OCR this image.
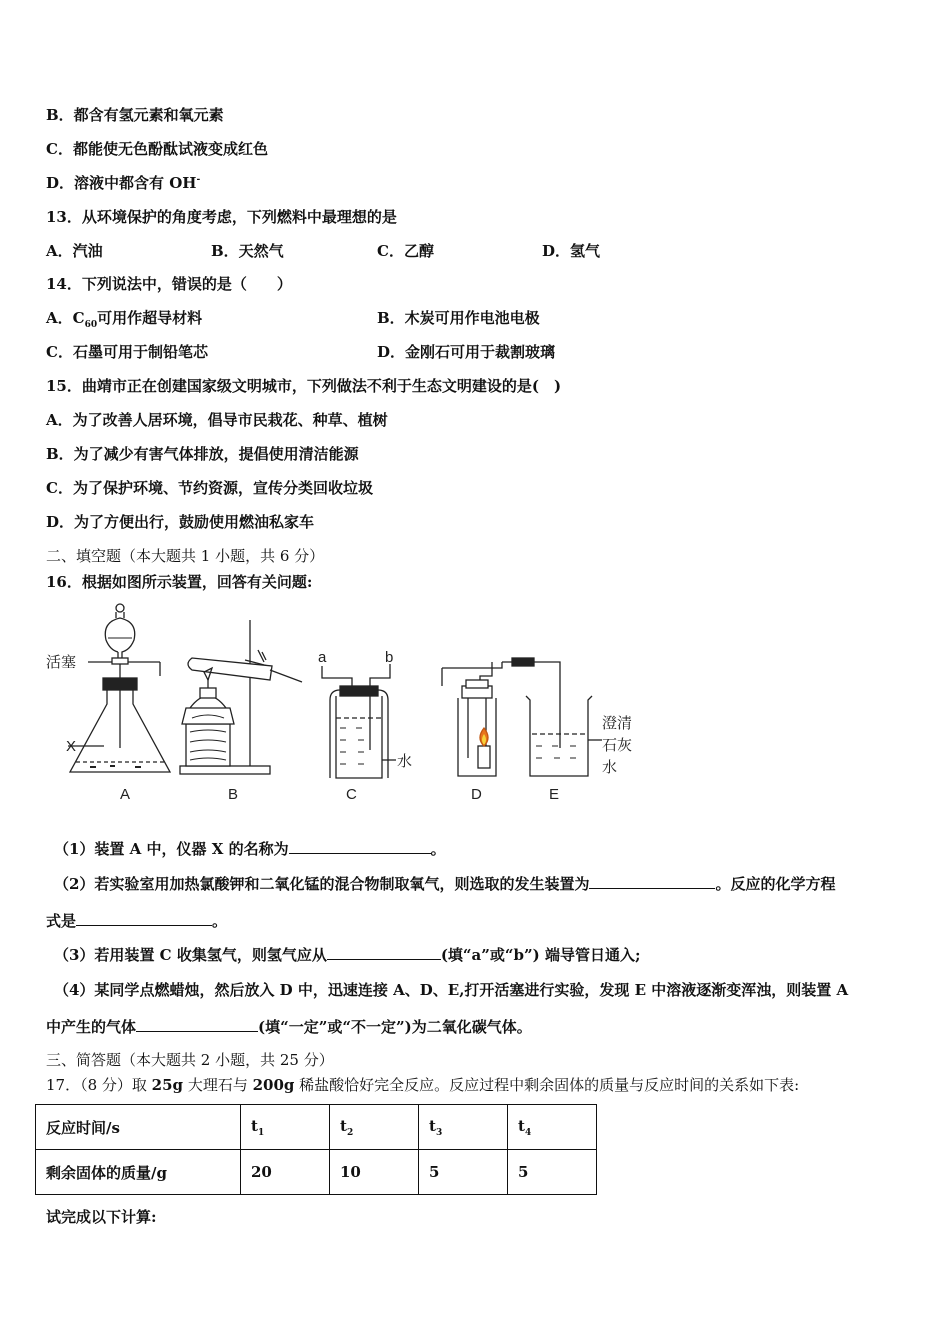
B．都含有氢元素和氧元素
C．都能使无色酚酞试液变成红色
D．溶液中都含有 OH-
13．从环境保护的角度考虑，下列燃料中最理想的是
A．汽油	B．天然气	C．乙醇	D．氢气
14．下列说法中，错误的是（　　）
A．$C_{60}$可用作超导材料	B．木炭可用作电池电极
C．石墨可用于制铅笔芯	D．金刚石可用于裁割玻璃
15．曲靖市正在创建国家级文明城市，下列做法不利于生态文明建设的是(　)
A．为了改善人居环境，倡导市民栽花、种草、植树
B．为了减少有害气体排放，提倡使用清洁能源
C．为了保护环境、节约资源，宣传分类回收垃圾
D．为了方便出行，鼓励使用燃油私家车
二、填空题（本大题共 1 小题，共 6 分）
16．根据如图所示装置，回答有关问题:
活塞
X
a	b
水
澄清
石灰
水
A	B	C	D	E
（1）装置 A 中，仪器 X 的名称为	。
（2）若实验室用加热氯酸钾和二氧化锰的混合物制取氧气，则选取的发生装置为	。反应的化学方程
式是	。
（3）若用装置 C 收集氢气，则氢气应从	(填“a”或“b”) 端导管日通入;
（4）某同学点燃蜡烛，然后放入 D 中，迅速连接 A、D、E,打开活塞进行实验，发现 E 中溶液逐渐变浑浊，则装置 A
中产生的气体	(填“一定”或“不一定”)为二氧化碳气体。
三、简答题（本大题共 2 小题，共 25 分）
17．（8 分）取 25g 大理石与 200g 稀盐酸恰好完全反应。反应过程中剩余固体的质量与反应时间的关系如下表:
反应时间/s	$t_1$	$t_2$	$t_3$	$t_4$
剩余固体的质量/g	20	10	5	5
试完成以下计算:
